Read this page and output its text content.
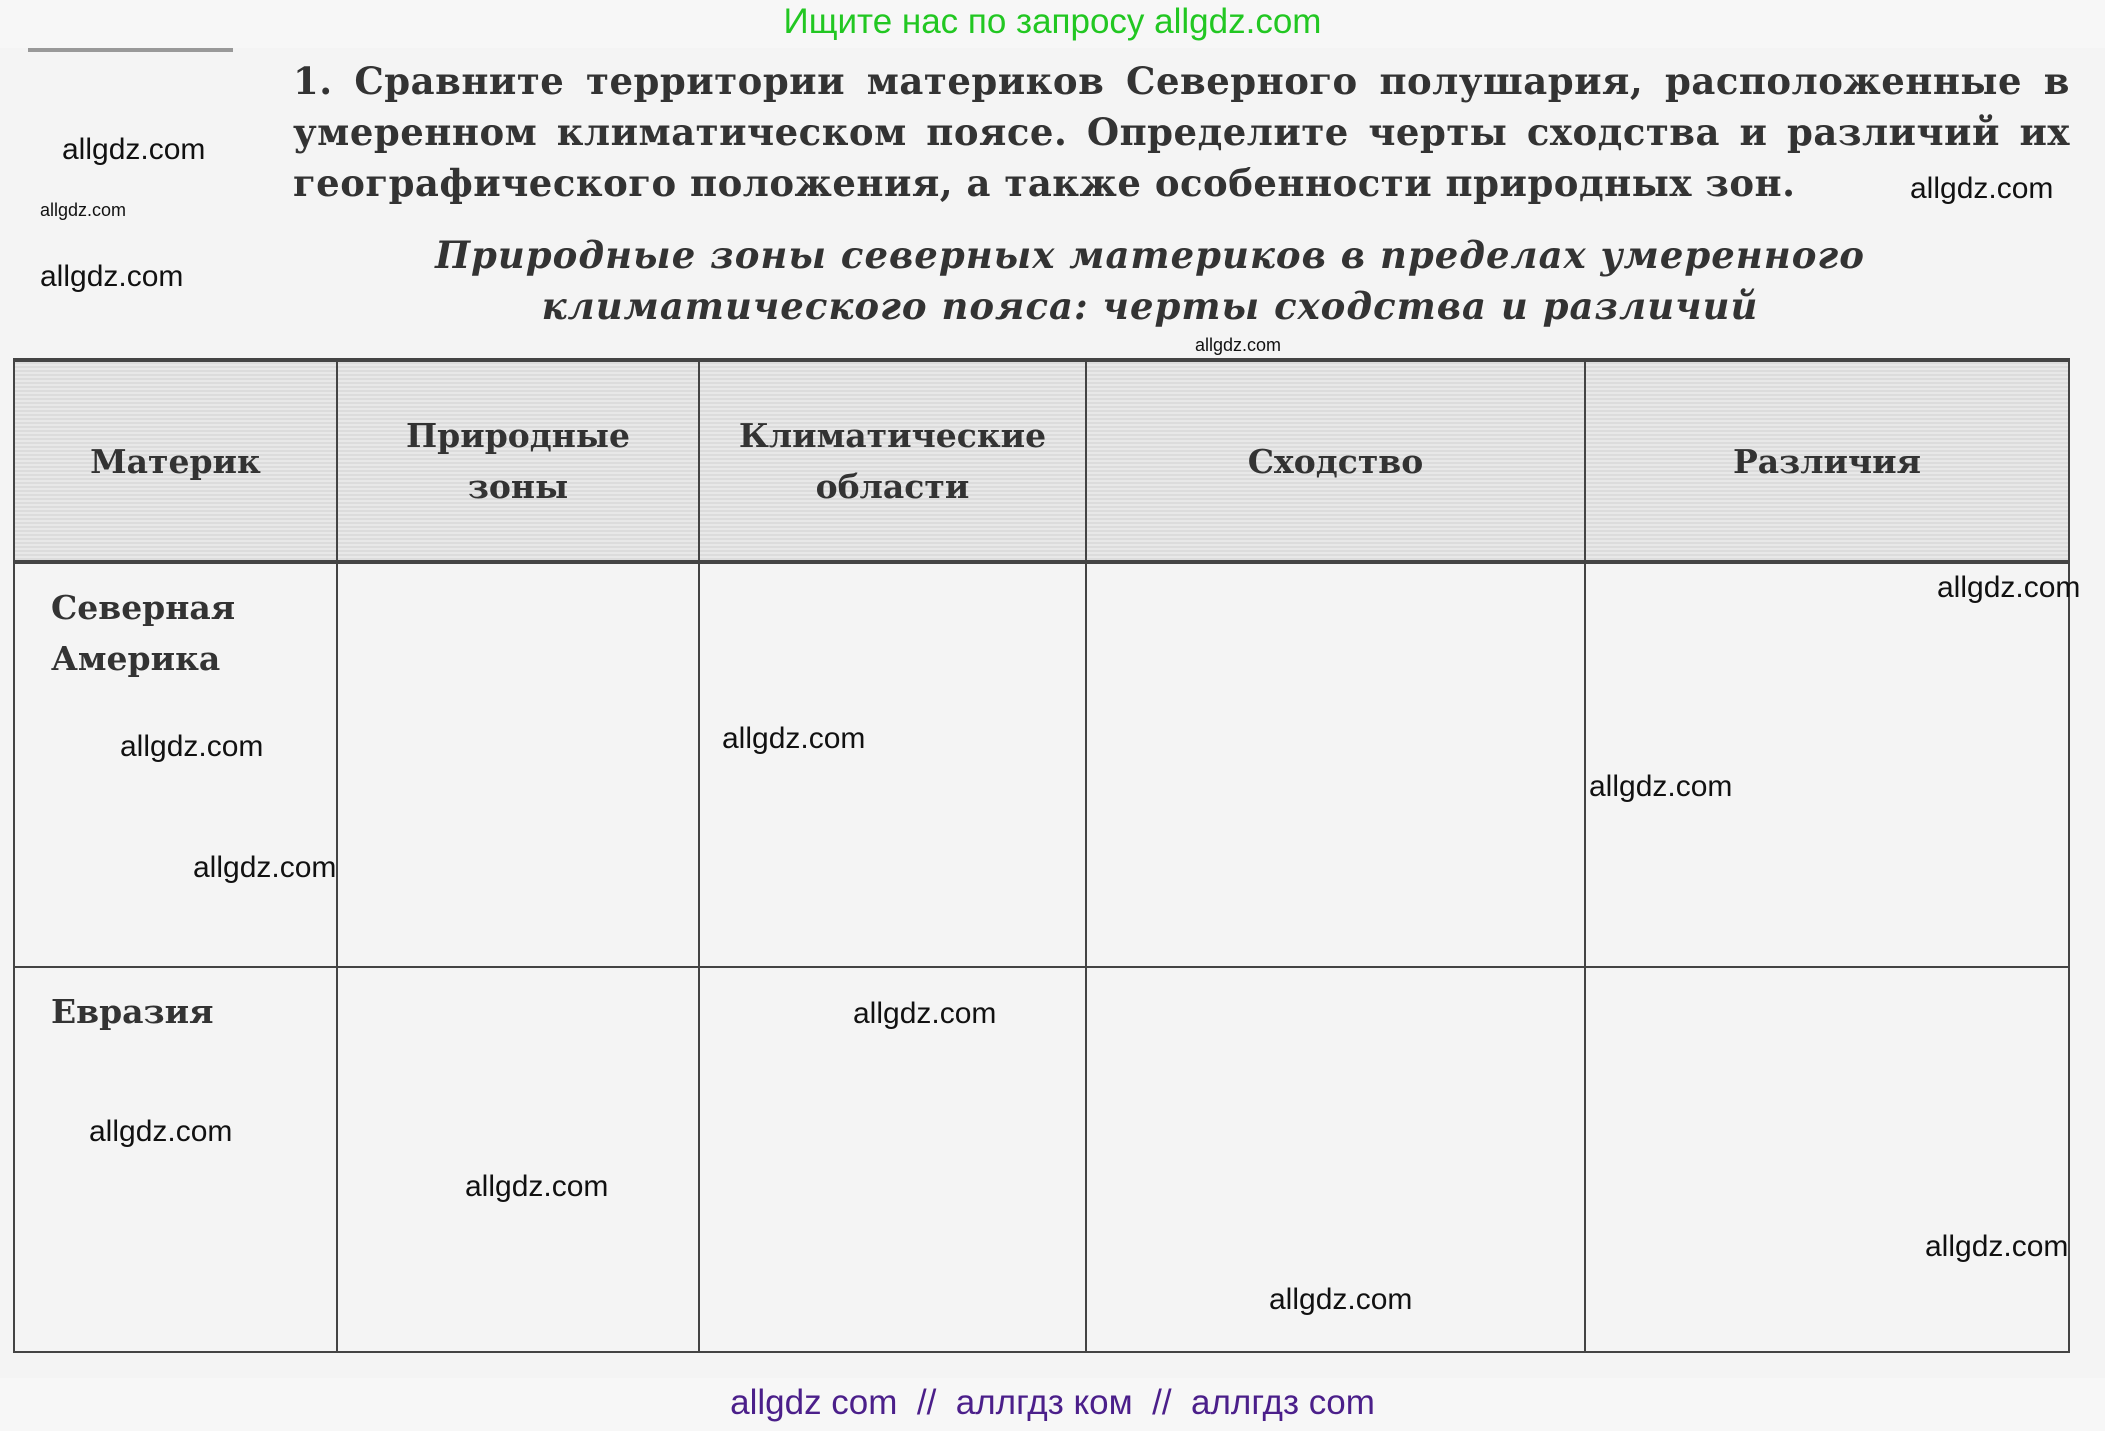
Ищите нас по запросу allgdz.com
1. Сравните территории материков Северного полушария, расположенные в умеренном климатическом поясе. Определите черты сходства и различий их географического положения, а также особенности природных зон.
Природные зоны северных материков в пределах умеренного
климатического пояса: черты сходства и различий
Материк	Природные зоны	Климатические области	Сходство	Различия

Северная Америка				

Евразия				
allgdz.com
allgdz.com
allgdz.com
allgdz.com
allgdz.com
allgdz.com
allgdz.com	allgdz.com
allgdz.com
allgdz.com
allgdz.com
allgdz.com
allgdz.com
allgdz.com
allgdz.com
allgdz com  //  аллгдз ком  //  аллгдз com
